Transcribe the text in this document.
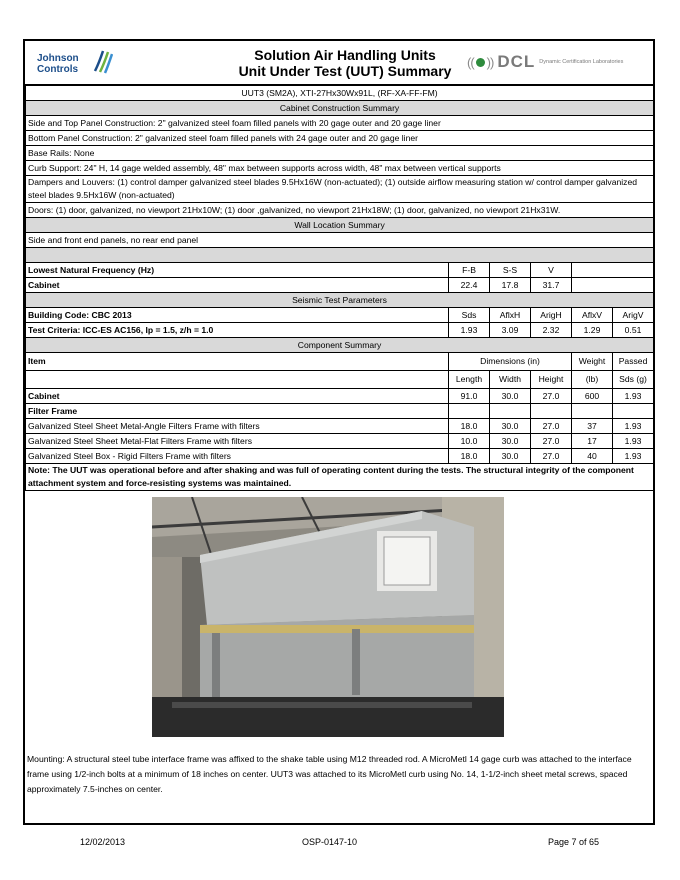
Johnson
Controls
Solution Air Handling Units
Unit Under Test (UUT) Summary
(( )) DCL Dynamic Certification Laboratories
UUT3 (SM2A), XTI-27Hx30Wx91L, (RF-XA-FF-FM)					
Cabinet Construction Summary					
Side and Top Panel Construction: 2" galvanized steel foam filled panels with 20 gage outer and 20 gage liner					
Bottom Panel Construction: 2" galvanized steel foam filled panels with 24 gage outer and 20 gage liner					
Base Rails: None					
Curb Support: 24" H, 14 gage welded assembly, 48" max between supports across width, 48" max between vertical supports					
Dampers and Louvers: (1) control damper galvanized steel blades 9.5Hx16W (non-actuated); (1) outside airflow measuring station w/ control damper galvanized steel blades 9.5Hx16W (non-actuated)					
Doors: (1) door, galvanized, no viewport 21Hx10W; (1) door ,galvanized, no viewport 21Hx18W; (1) door, galvanized, no viewport 21Hx31W.					
Wall Location Summary					
Side and front end panels, no rear end panel					

Lowest Natural Frequency (Hz)	F-B	S-S	V		
Cabinet	22.4	17.8	31.7		
Seismic Test Parameters					
Building Code: CBC 2013	Sds	AflxH	ArigH	AflxV	ArigV
Test Criteria: ICC-ES AC156, Ip = 1.5, z/h = 1.0	1.93	3.09	2.32	1.29	0.51
Component Summary					
Item	Dimensions (in)			Weight	Passed
	Length	Width	Height	(lb)	Sds (g)
Cabinet	91.0	30.0	27.0	600	1.93
Filter Frame					
Galvanized Steel Sheet Metal-Angle Filters Frame with filters	18.0	30.0	27.0	37	1.93
Galvanized Steel Sheet Metal-Flat Filters Frame with filters	10.0	30.0	27.0	17	1.93
Galvanized Steel Box - Rigid Filters Frame with filters	18.0	30.0	27.0	40	1.93
Note: The UUT was operational before and after shaking and was full of operating content during the tests. The structural integrity of the component attachment system and force-resisting systems was maintained.					
Mounting: A structural steel tube interface frame was affixed to the shake table using M12 threaded rod. A MicroMetl 14 gage curb was attached to the interface frame using 1/2-inch bolts at a minimum of 18 inches on center. UUT3 was attached to its MicroMetl curb using No. 14, 1-1/2-inch sheet metal screws, spaced approximately 7.5-inches on center.
12/02/2013	OSP-0147-10	Page 7 of 65
